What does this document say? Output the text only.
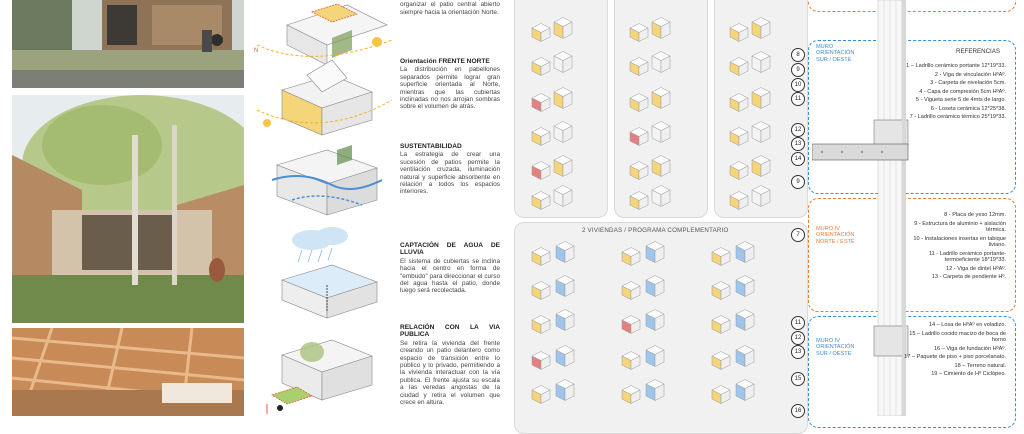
N

organizar el patio central abierto siempre hacia la orientación Norte.

Orientación FRENTE NORTE

La distribución en pabellones separados permite lograr gran superficie orientada al Norte, mientras que las cubiertas inclinadas no nos arrojan sombras sobre el volumen de atrás.

SUSTENTABILIDAD

La estrategia de crear una sucesión de patios permite la ventilación cruzada, iluminación natural y superficie absorbente en relación a todos los espacios interiores.

CAPTACIÓN DE AGUA DE LLUVIA

El sistema de cubiertas se inclina hacia el centro en forma de "embudo" para direccionar el curso del agua hasta el patio, donde luego será recolectada.

RELACIÓN CON LA VIA PUBLICA

Se retira la vivienda del frente creando un patio delantero como espacio de transición entre lo público y lo privado, permitiendo a la vivienda interactuar con la vía publica. El frente ajusta su escala a las veredas angostas de la ciudad y retira el volumen que crece en altura.

2 VIVIENDAS / PROGRAMA COMPLEMENTARIO
MURO
ORIENTACIÓN
SUR / OESTE
MURO IV
ORIENTACIÓN
NORTE / ESTE
MURO IV
ORIENTACIÓN
SUR / OESTE
8
9
10
11
12
13
14
9
7
11
12
13
15
16
REFERENCIAS
1 – Ladrillo cerámico portante 12*19*33.
2 - Viga de vinculación HºAº.
3 - Carpeta de nivelación 5cm.
4 - Capa de compresión 5cm HºAº.
5 - Vigueta serie 5 de 4mts de largo.
6 - Loseta cerámica 12*25*38.
7 - Ladrillo cerámico térmico 25*19*33.
8 - Placa de yeso 12mm.
9 - Estructura de aluminio + aislación térmica.
10 - Instalaciones insertas en tabique liviano.
11 - Ladrillo cerámico portante-termoeficiente 18*19*33.
12 - Viga de dintel HºAº.
13 - Carpeta de pendiente Hº.
14 – Losa de HºAº en voladizo.
15 – Ladrillo cocido macizo de boca de horno
16 – Viga de fundación HºAº.
17 – Paquete de piso + piso porcelanato.
18 – Terreno natural.
19 – Cimiento de Hº Ciclópeo.
